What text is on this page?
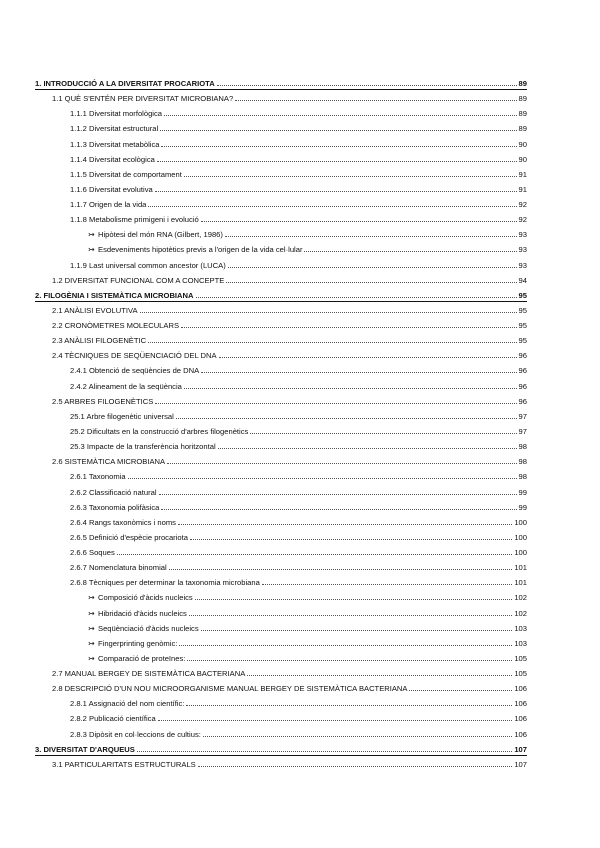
1. INTRODUCCIÓ A LA DIVERSITAT PROCARIOTA	89
1.1 QUÈ S'ENTÉN PER DIVERSITAT MICROBIANA?	89
1.1.1 Diversitat morfològica	89
1.1.2 Diversitat estructural	89
1.1.3 Diversitat metabòlica	90
1.1.4 Diversitat ecològica	90
1.1.5 Diversitat de comportament	91
1.1.6 Diversitat evolutiva	91
1.1.7 Origen de la vida	92
1.1.8 Metabolisme primigeni i evolució	92
↣ Hipòtesi del món RNA (Gilbert, 1986)	93
↣ Esdeveniments hipotètics previs a l'origen de la vida cel·lular	93
1.1.9 Last universal common ancestor (LUCA)	93
1.2 DIVERSITAT FUNCIONAL COM A CONCEPTE	94
2. FILOGÈNIA I SISTEMÀTICA MICROBIANA	95
2.1 ANÀLISI EVOLUTIVA	95
2.2 CRONÒMETRES MOLECULARS	95
2.3 ANÀLISI FILOGENÈTIC	95
2.4 TÈCNIQUES DE SEQÜENCIACIÓ DEL DNA	96
2.4.1 Obtenció de seqüències de DNA	96
2.4.2 Alineament de la seqüència	96
2.5 ARBRES FILOGENÈTICS	96
25.1 Arbre filogenètic universal	97
25.2 Dificultats en la construcció d'arbres filogenètics	97
25.3 Impacte de la transferència horitzontal	98
2.6 SISTEMÀTICA MICROBIANA	98
2.6.1 Taxonomia	98
2.6.2 Classificació natural	99
2.6.3 Taxonomia polifàsica	99
2.6.4 Rangs taxonòmics i noms	100
2.6.5 Definició d'espècie procariota	100
2.6.6 Soques	100
2.6.7 Nomenclatura binomial	101
2.6.8 Tècniques per determinar la taxonomia microbiana	101
↣ Composició d'àcids nucleics	102
↣ Hibridació d'àcids nucleics	102
↣ Seqüènciació d'àcids nucleics	103
↣ Fingerprinting genòmic:	103
↣ Comparació de proteïnes:	105
2.7 MANUAL BERGEY DE SISTEMÀTICA BACTERIANA	105
2.8 DESCRIPCIÓ D'UN NOU MICROORGANISME MANUAL BERGEY DE SISTEMÀTICA BACTERIANA	106
2.8.1 Assignació del nom científic:	106
2.8.2 Publicació científica	106
2.8.3 Dipòsit en col·leccions de cultius:	106
3. DIVERSITAT D'ARQUEUS	107
3.1 PARTICULARITATS ESTRUCTURALS	107
